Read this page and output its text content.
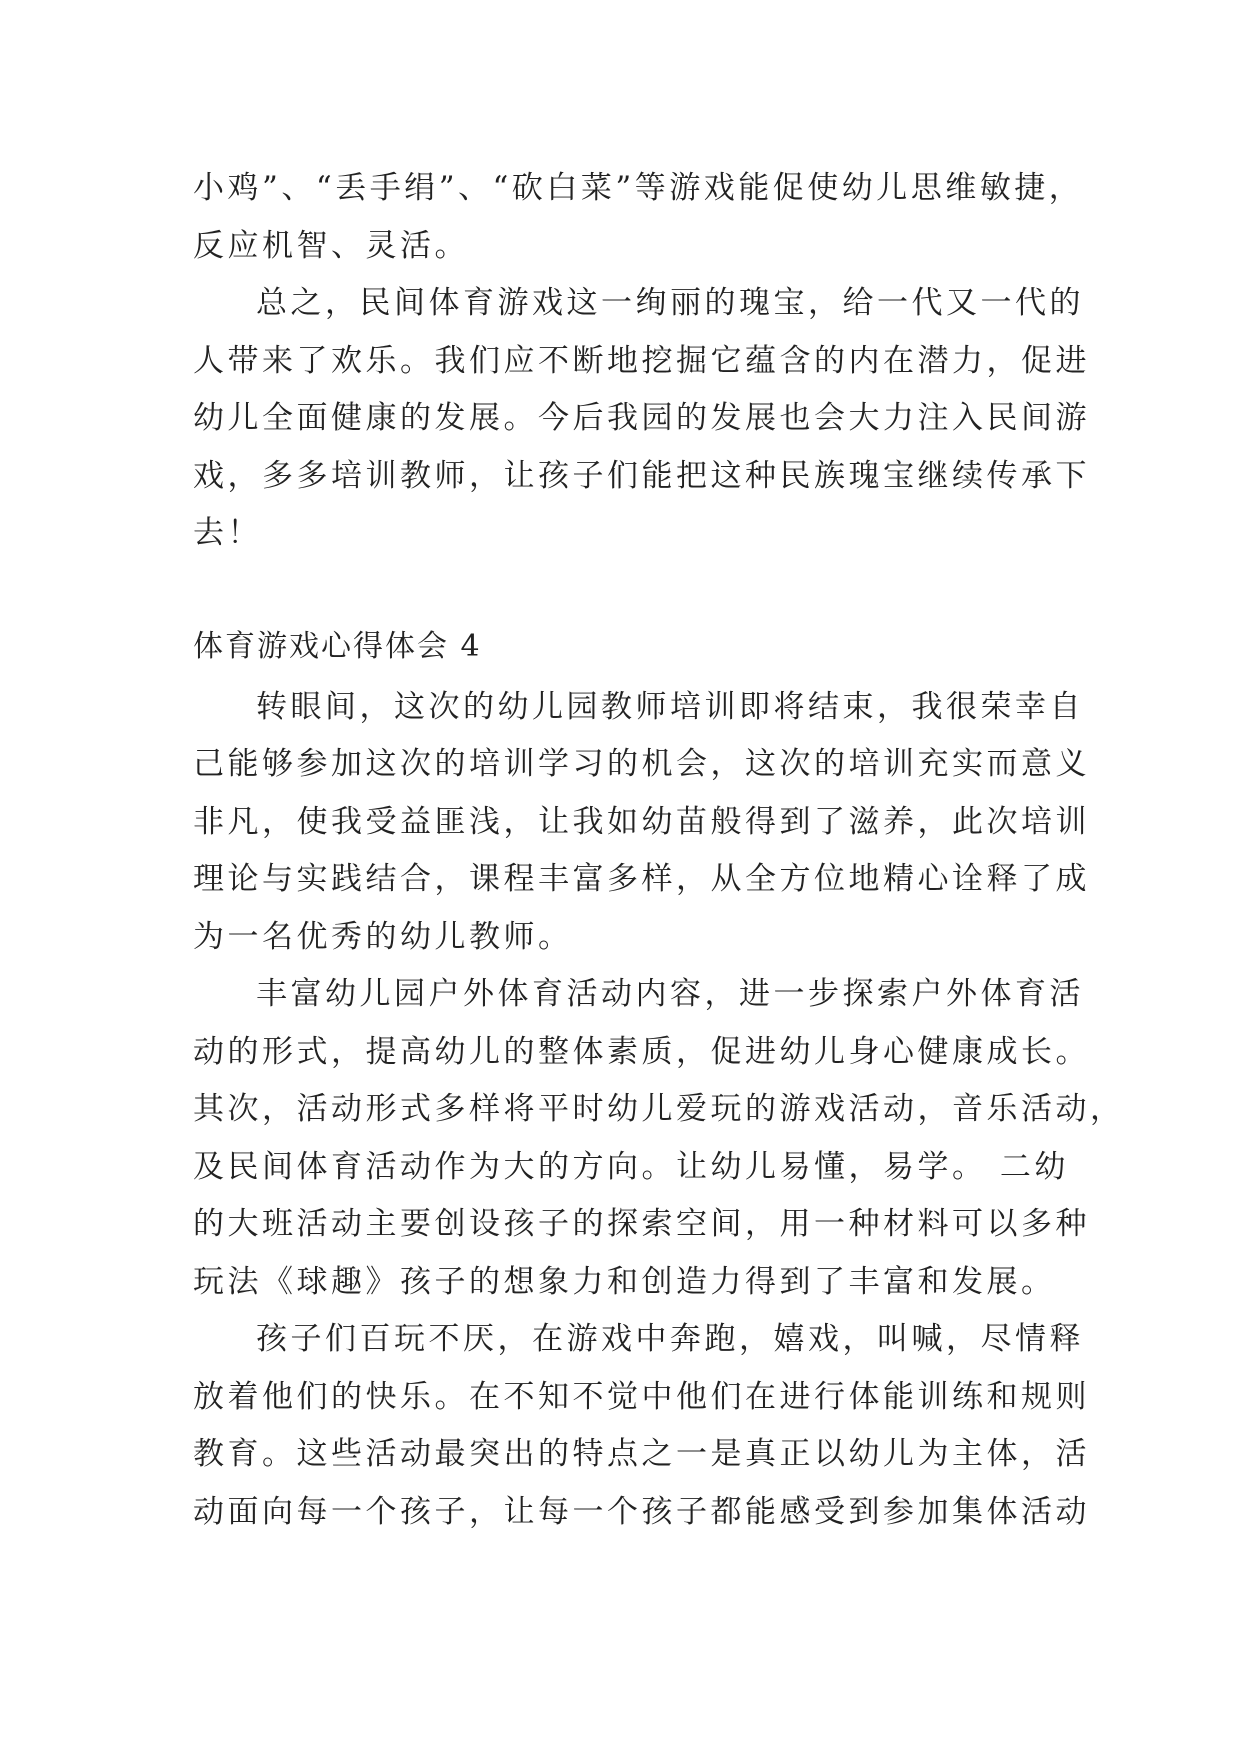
小鸡”、“丢手绢”、“砍白菜”等游戏能促使幼儿思维敏捷，
反应机智、灵活。
总之，民间体育游戏这一绚丽的瑰宝，给一代又一代的
人带来了欢乐。我们应不断地挖掘它蕴含的内在潜力，促进
幼儿全面健康的发展。今后我园的发展也会大力注入民间游
戏，多多培训教师，让孩子们能把这种民族瑰宝继续传承下
去！
体育游戏心得体会 4
转眼间，这次的幼儿园教师培训即将结束，我很荣幸自
己能够参加这次的培训学习的机会，这次的培训充实而意义
非凡，使我受益匪浅，让我如幼苗般得到了滋养，此次培训
理论与实践结合，课程丰富多样，从全方位地精心诠释了成
为一名优秀的幼儿教师。
丰富幼儿园户外体育活动内容，进一步探索户外体育活
动的形式，提高幼儿的整体素质，促进幼儿身心健康成长。
其次，活动形式多样将平时幼儿爱玩的游戏活动，音乐活动，
及民间体育活动作为大的方向。让幼儿易懂，易学。 二幼
的大班活动主要创设孩子的探索空间，用一种材料可以多种
玩法《球趣》孩子的想象力和创造力得到了丰富和发展。
孩子们百玩不厌，在游戏中奔跑，嬉戏，叫喊，尽情释
放着他们的快乐。在不知不觉中他们在进行体能训练和规则
教育。这些活动最突出的特点之一是真正以幼儿为主体，活
动面向每一个孩子，让每一个孩子都能感受到参加集体活动
